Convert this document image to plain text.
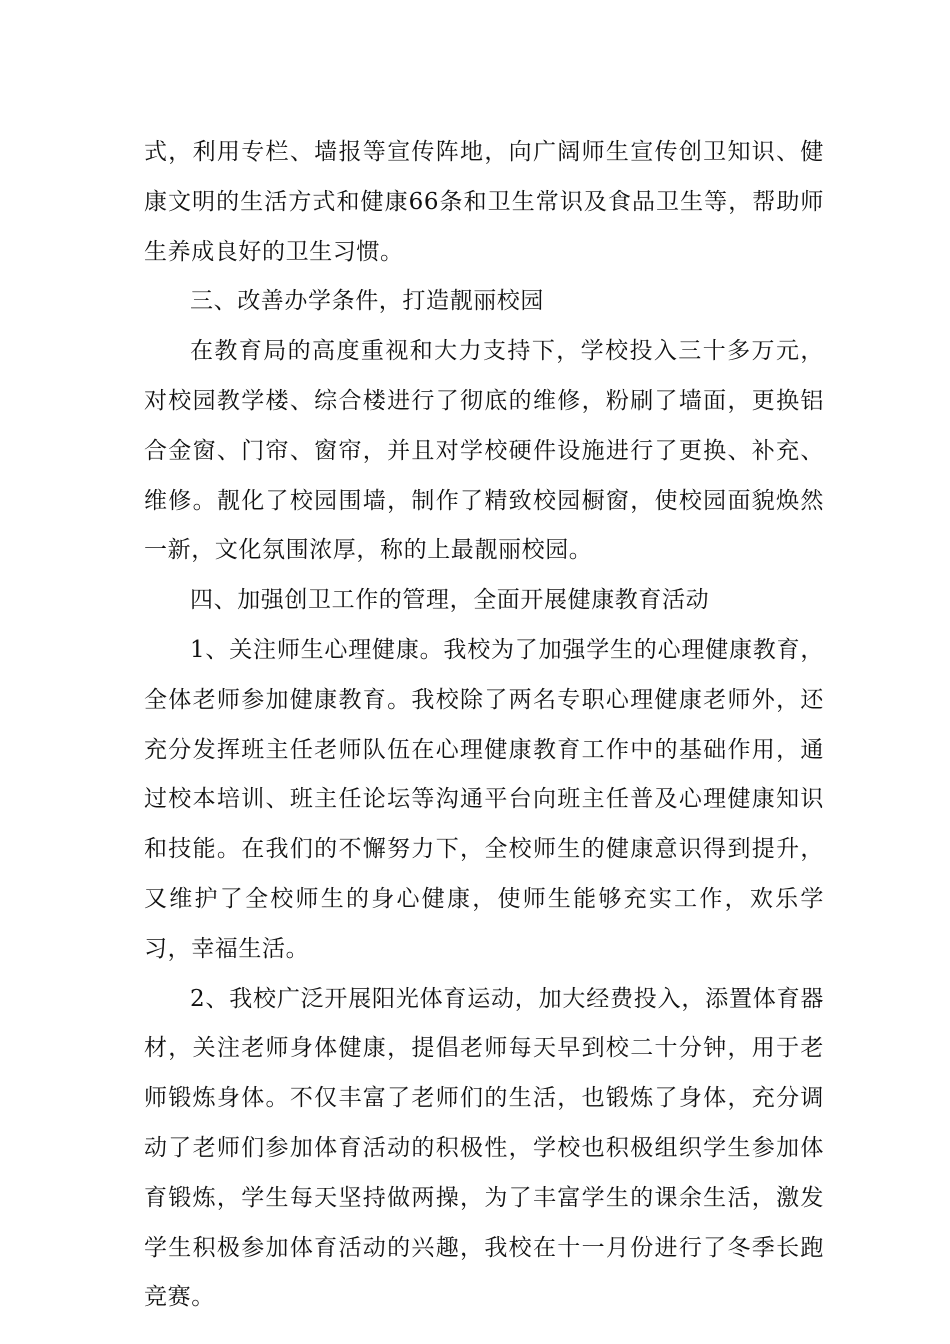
式，利用专栏、墙报等宣传阵地，向广阔师生宣传创卫知识、健康文明的生活方式和健康66条和卫生常识及食品卫生等，帮助师生养成良好的卫生习惯。

三、改善办学条件，打造靓丽校园

在教育局的高度重视和大力支持下，学校投入三十多万元，对校园教学楼、综合楼进行了彻底的维修，粉刷了墙面，更换铝合金窗、门帘、窗帘，并且对学校硬件设施进行了更换、补充、维修。靓化了校园围墙，制作了精致校园橱窗，使校园面貌焕然一新，文化氛围浓厚，称的上最靓丽校园。

四、加强创卫工作的管理，全面开展健康教育活动

1、关注师生心理健康。我校为了加强学生的心理健康教育，全体老师参加健康教育。我校除了两名专职心理健康老师外，还充分发挥班主任老师队伍在心理健康教育工作中的基础作用，通过校本培训、班主任论坛等沟通平台向班主任普及心理健康知识和技能。在我们的不懈努力下，全校师生的健康意识得到提升，又维护了全校师生的身心健康，使师生能够充实工作，欢乐学习，幸福生活。

2、我校广泛开展阳光体育运动，加大经费投入，添置体育器材，关注老师身体健康，提倡老师每天早到校二十分钟，用于老师锻炼身体。不仅丰富了老师们的生活，也锻炼了身体，充分调动了老师们参加体育活动的积极性，学校也积极组织学生参加体育锻炼，学生每天坚持做两操，为了丰富学生的课余生活，激发学生积极参加体育活动的兴趣，我校在十一月份进行了冬季长跑竞赛。
